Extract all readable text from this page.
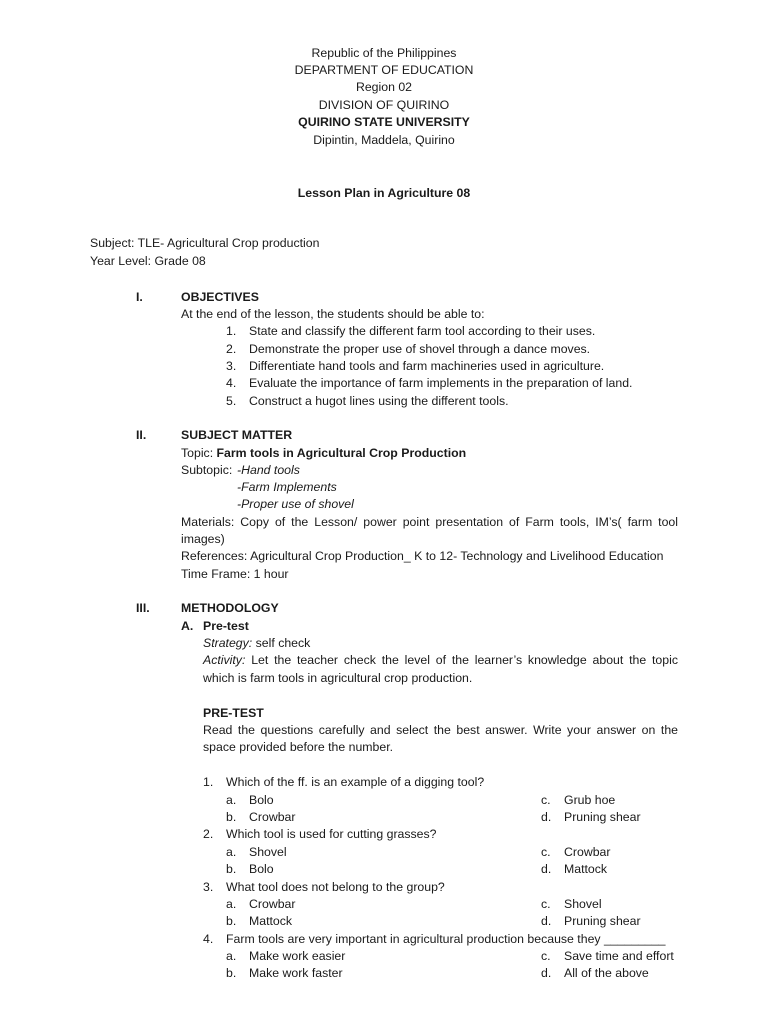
Republic of the Philippines
DEPARTMENT OF EDUCATION
Region 02
DIVISION OF QUIRINO
QUIRINO STATE UNIVERSITY
Dipintin, Maddela, Quirino
Lesson Plan in Agriculture 08
Subject: TLE- Agricultural Crop production
Year Level: Grade 08
I.	OBJECTIVES
At the end of the lesson, the students should be able to:
1. State and classify the different farm tool according to their uses.
2. Demonstrate the proper use of shovel through a dance moves.
3. Differentiate hand tools and farm machineries used in agriculture.
4. Evaluate the importance of farm implements in the preparation of land.
5. Construct a hugot lines using the different tools.
II.	SUBJECT MATTER
Topic: Farm tools in Agricultural Crop Production
Subtopic: -Hand tools
-Farm Implements
-Proper use of shovel
Materials: Copy of the Lesson/ power point presentation of Farm tools, IM’s( farm tool
images)
References: Agricultural Crop Production_ K to 12- Technology and Livelihood Education
Time Frame: 1 hour
III.	METHODOLOGY
A. Pre-test
Strategy: self check
Activity: Let the teacher check the level of the learner’s knowledge about the topic
which is farm tools in agricultural crop production.
PRE-TEST
Read the questions carefully and select the best answer. Write your answer on the
space provided before the number.
1. Which of the ff. is an example of a digging tool?
a. Bolo
b. Crowbar
c. Grub hoe
d. Pruning shear
2. Which tool is used for cutting grasses?
a. Shovel
b. Bolo
c. Crowbar
d. Mattock
3. What tool does not belong to the group?
a. Crowbar
b. Mattock
c. Shovel
d. Pruning shear
4. Farm tools are very important in agricultural production because they _________
a. Make work easier
b. Make work faster
c. Save time and effort
d. All of the above
